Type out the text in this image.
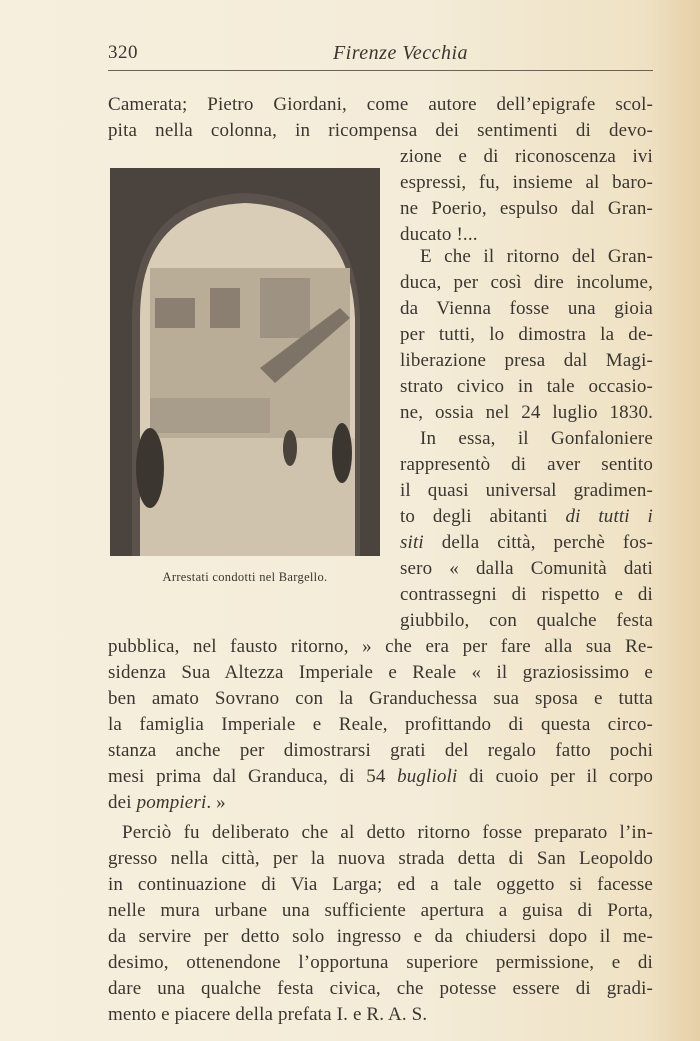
320	Firenze Vecchia
Camerata; Pietro Giordani, come autore dell’epigrafe scol-
pita nella colonna, in ricompensa dei sentimenti di devo-
zione e di riconoscenza ivi
espressi, fu, insieme al baro-
ne Poerio, espulso dal Gran-
ducato !...
E che il ritorno del Gran-
duca, per così dire incolume,
da Vienna fosse una gioia
per tutti, lo dimostra la de-
liberazione presa dal Magi-
strato civico in tale occasio-
ne, ossia nel 24 luglio 1830.
In essa, il Gonfaloniere
rappresentò di aver sentito
il quasi universal gradimen-
to degli abitanti di tutti i
siti della città, perchè fos-
sero « dalla Comunità dati
contrassegni di rispetto e di
giubbilo, con qualche festa
Arrestati condotti nel Bargello.
pubblica, nel fausto ritorno, » che era per fare alla sua Re-
sidenza Sua Altezza Imperiale e Reale « il graziosissimo e
ben amato Sovrano con la Granduchessa sua sposa e tutta
la famiglia Imperiale e Reale, profittando di questa circo-
stanza anche per dimostrarsi grati del regalo fatto pochi
mesi prima dal Granduca, di 54 buglioli di cuoio per il corpo
dei pompieri. »
Perciò fu deliberato che al detto ritorno fosse preparato l’in-
gresso nella città, per la nuova strada detta di San Leopoldo
in continuazione di Via Larga; ed a tale oggetto si facesse
nelle mura urbane una sufficiente apertura a guisa di Porta,
da servire per detto solo ingresso e da chiudersi dopo il me-
desimo, ottenendone l’opportuna superiore permissione, e di
dare una qualche festa civica, che potesse essere di gradi-
mento e piacere della prefata I. e R. A. S.
